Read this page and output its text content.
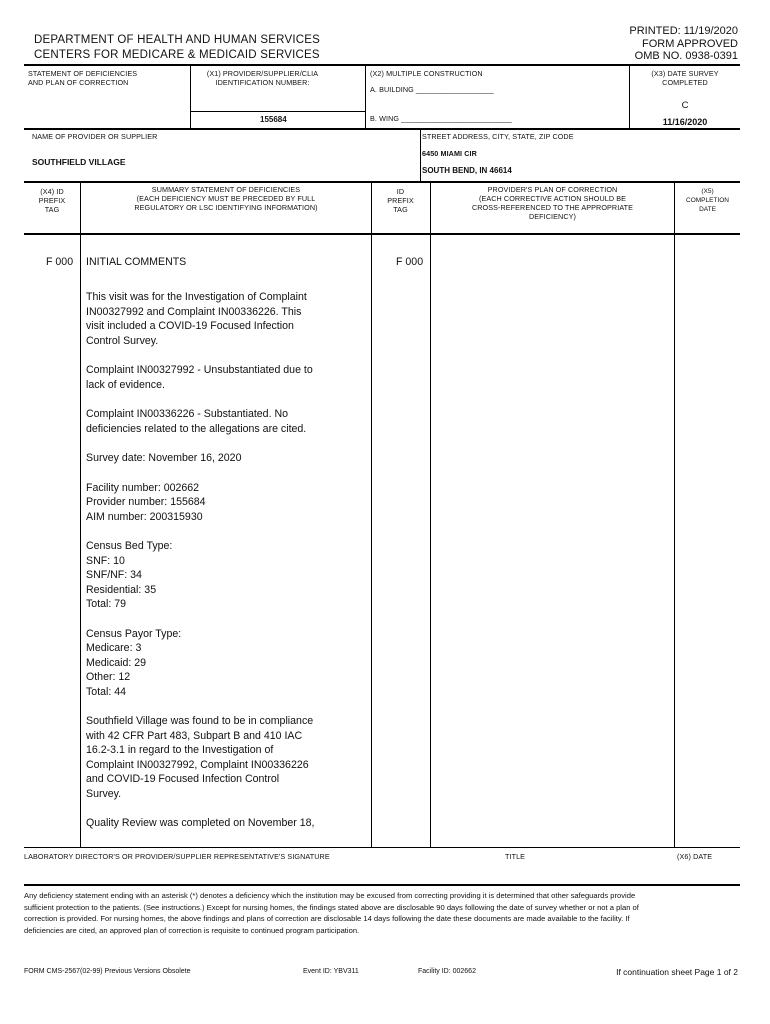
DEPARTMENT OF HEALTH AND HUMAN SERVICES
CENTERS FOR MEDICARE & MEDICAID SERVICES
PRINTED: 11/19/2020
FORM APPROVED
OMB NO. 0938-0391
STATEMENT OF DEFICIENCIES
AND PLAN OF CORRECTION
(X1) PROVIDER/SUPPLIER/CLIA
IDENTIFICATION NUMBER:
155684
(X2) MULTIPLE CONSTRUCTION
A. BUILDING ___________________
B. WING ___________________________
(X3) DATE SURVEY
COMPLETED
C
11/16/2020
NAME OF PROVIDER OR SUPPLIER
SOUTHFIELD VILLAGE
STREET ADDRESS, CITY, STATE, ZIP CODE
6450 MIAMI CIR
SOUTH BEND, IN 46614
(X4) ID
PREFIX
TAG
SUMMARY STATEMENT OF DEFICIENCIES
(EACH DEFICIENCY MUST BE PRECEDED BY FULL
REGULATORY OR LSC IDENTIFYING INFORMATION)
ID
PREFIX
TAG
PROVIDER'S PLAN OF CORRECTION
(EACH CORRECTIVE ACTION SHOULD BE
CROSS-REFERENCED TO THE APPROPRIATE
DEFICIENCY)
(X5)
COMPLETION
DATE
F 000 INITIAL COMMENTS	F 000

This visit was for the Investigation of Complaint
IN00327992 and Complaint IN00336226. This
visit included a COVID-19 Focused Infection
Control Survey.

Complaint IN00327992 - Unsubstantiated due to
lack of evidence.

Complaint IN00336226 - Substantiated. No
deficiencies related to the allegations are cited.

Survey date: November 16, 2020

Facility number: 002662
Provider number: 155684
AIM number: 200315930

Census Bed Type:
SNF: 10
SNF/NF: 34
Residential: 35
Total: 79

Census Payor Type:
Medicare: 3
Medicaid: 29
Other: 12
Total: 44

Southfield Village was found to be in compliance
with 42 CFR Part 483, Subpart B and 410 IAC
16.2-3.1 in regard to the Investigation of
Complaint IN00327992, Complaint IN00336226
and COVID-19 Focused Infection Control
Survey.

Quality Review was completed on November 18,

LABORATORY DIRECTOR'S OR PROVIDER/SUPPLIER REPRESENTATIVE'S SIGNATURE	TITLE	(X6) DATE
Any deficiency statement ending with an asterisk (*) denotes a deficiency which the institution may be excused from correcting providing it is determined that other safeguards provide sufficient protection to the patients. (See instructions.) Except for nursing homes, the findings stated above are disclosable 90 days following the date of survey whether or not a plan of correction is provided. For nursing homes, the above findings and plans of correction are disclosable 14 days following the date these documents are made available to the facility. If deficiencies are cited, an approved plan of correction is requisite to continued program participation.
FORM CMS-2567(02-99) Previous Versions Obsolete	Event ID: YBV311	Facility ID: 002662	If continuation sheet Page 1 of 2
